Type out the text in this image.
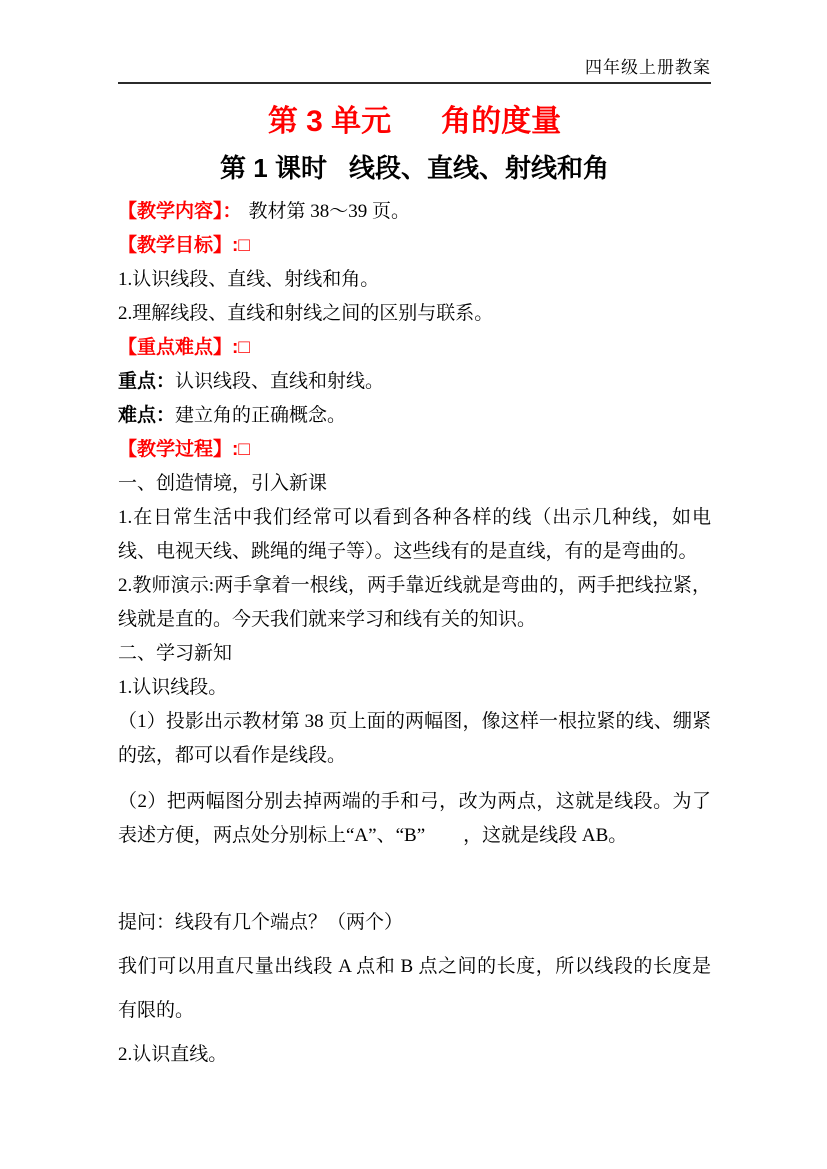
四年级上册教案
第 3 单元 角的度量
第 1 课时 线段、直线、射线和角

【教学内容】： 教材第 38～39 页。

【教学目标】:□

1.认识线段、直线、射线和角。

2.理解线段、直线和射线之间的区别与联系。

【重点难点】:□

重点：认识线段、直线和射线。

难点：建立角的正确概念。

【教学过程】:□

一、创造情境，引入新课

1.在日常生活中我们经常可以看到各种各样的线（出示几种线，如电线、电视天线、跳绳的绳子等）。这些线有的是直线，有的是弯曲的。

2.教师演示:两手拿着一根线，两手靠近线就是弯曲的，两手把线拉紧，线就是直的。今天我们就来学习和线有关的知识。

二、学习新知

1.认识线段。

（1）投影出示教材第 38 页上面的两幅图，像这样一根拉紧的线、绷紧的弦，都可以看作是线段。

（2）把两幅图分别去掉两端的手和弓，改为两点，这就是线段。为了表述方便，两点处分别标上“A”、“B”　　，这就是线段 AB。

提问：线段有几个端点？（两个）

我们可以用直尺量出线段 A 点和 B 点之间的长度，所以线段的长度是有限的。

2.认识直线。
